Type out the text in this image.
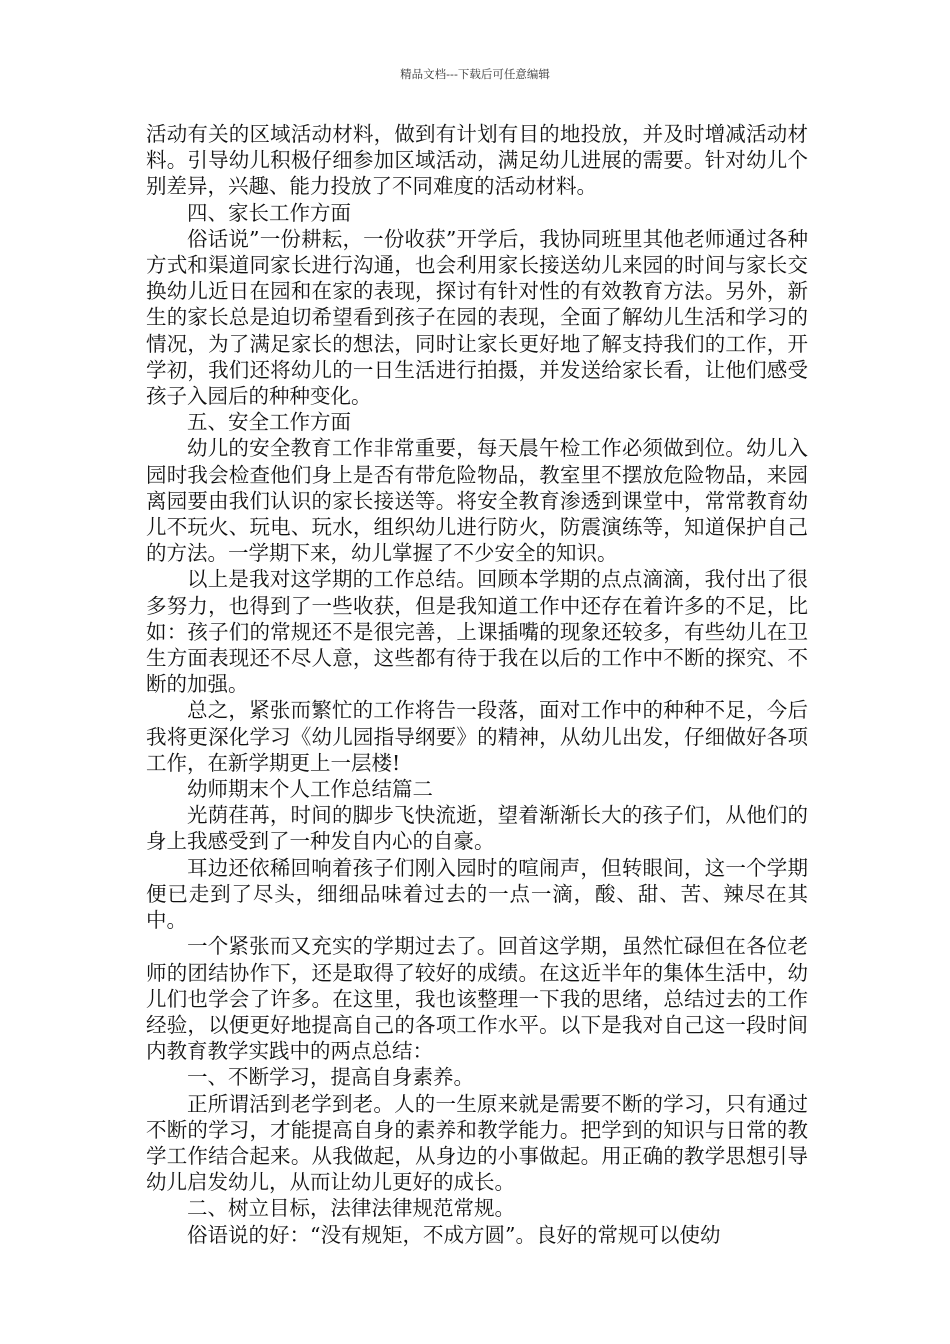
精品文档---下载后可任意编辑

活动有关的区域活动材料，做到有计划有目的地投放，并及时增减活动材料。引导幼儿积极仔细参加区域活动，满足幼儿进展的需要。针对幼儿个别差异，兴趣、能力投放了不同难度的活动材料。

四、家长工作方面

俗话说”一份耕耘，一份收获”开学后，我协同班里其他老师通过各种方式和渠道同家长进行沟通，也会利用家长接送幼儿来园的时间与家长交换幼儿近日在园和在家的表现，探讨有针对性的有效教育方法。另外，新生的家长总是迫切希望看到孩子在园的表现，全面了解幼儿生活和学习的情况，为了满足家长的想法，同时让家长更好地了解支持我们的工作，开学初，我们还将幼儿的一日生活进行拍摄，并发送给家长看，让他们感受孩子入园后的种种变化。

五、安全工作方面

幼儿的安全教育工作非常重要，每天晨午检工作必须做到位。幼儿入园时我会检查他们身上是否有带危险物品，教室里不摆放危险物品，来园离园要由我们认识的家长接送等。将安全教育渗透到课堂中，常常教育幼儿不玩火、玩电、玩水，组织幼儿进行防火，防震演练等，知道保护自己的方法。一学期下来，幼儿掌握了不少安全的知识。

以上是我对这学期的工作总结。回顾本学期的点点滴滴，我付出了很多努力，也得到了一些收获，但是我知道工作中还存在着许多的不足，比如：孩子们的常规还不是很完善，上课插嘴的现象还较多，有些幼儿在卫生方面表现还不尽人意，这些都有待于我在以后的工作中不断的探究、不断的加强。

总之，紧张而繁忙的工作将告一段落，面对工作中的种种不足，今后我将更深化学习《幼儿园指导纲要》的精神，从幼儿出发，仔细做好各项工作，在新学期更上一层楼!

幼师期末个人工作总结篇二

光荫荏苒，时间的脚步飞快流逝，望着渐渐长大的孩子们，从他们的身上我感受到了一种发自内心的自豪。

耳边还依稀回响着孩子们刚入园时的喧闹声，但转眼间，这一个学期便已走到了尽头，细细品味着过去的一点一滴，酸、甜、苦、辣尽在其中。

一个紧张而又充实的学期过去了。回首这学期，虽然忙碌但在各位老师的团结协作下，还是取得了较好的成绩。在这近半年的集体生活中，幼儿们也学会了许多。在这里，我也该整理一下我的思绪，总结过去的工作经验，以便更好地提高自己的各项工作水平。以下是我对自己这一段时间内教育教学实践中的两点总结：

一、不断学习，提高自身素养。

正所谓活到老学到老。人的一生原来就是需要不断的学习，只有通过不断的学习，才能提高自身的素养和教学能力。把学到的知识与日常的教学工作结合起来。从我做起，从身边的小事做起。用正确的教学思想引导幼儿启发幼儿，从而让幼儿更好的成长。

二、树立目标，法律法律规范常规。

俗语说的好：“没有规矩，不成方圆”。良好的常规可以使幼
